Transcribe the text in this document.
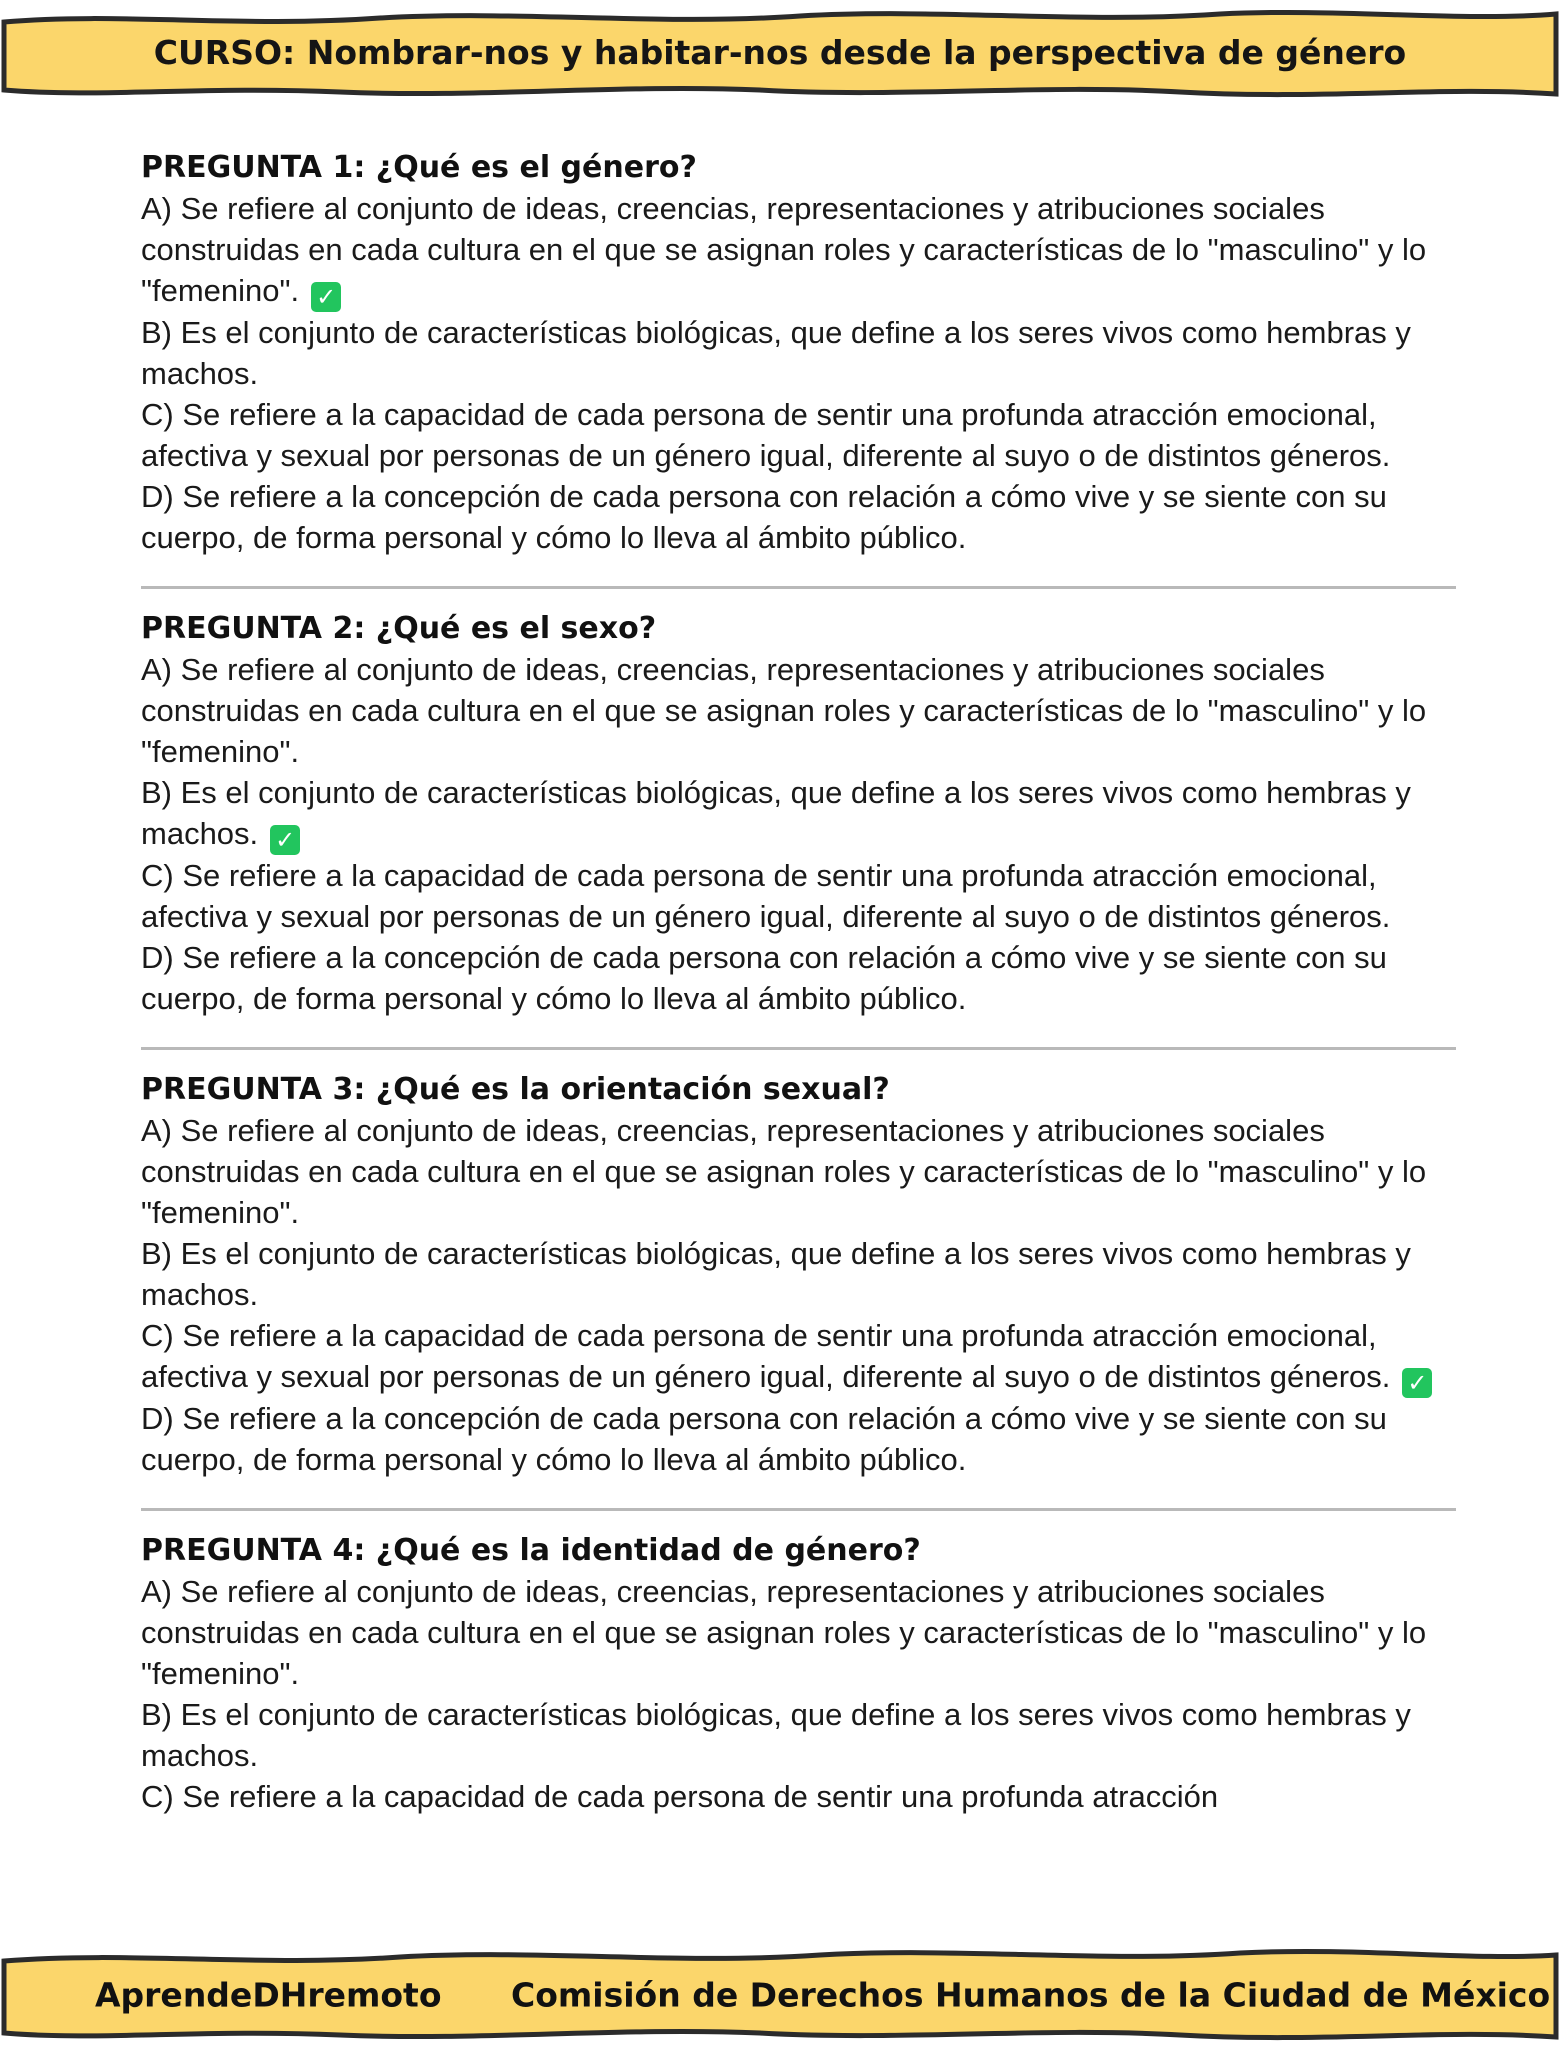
CURSO: Nombrar-nos y habitar-nos desde la perspectiva de género
PREGUNTA 1: ¿Qué es el género?
A) Se refiere al conjunto de ideas, creencias, representaciones y atribuciones sociales construidas en cada cultura en el que se asignan roles y características de lo "masculino" y lo "femenino". ✓
B) Es el conjunto de características biológicas, que define a los seres vivos como hembras y machos.
C) Se refiere a la capacidad de cada persona de sentir una profunda atracción emocional, afectiva y sexual por personas de un género igual, diferente al suyo o de distintos géneros.
D) Se refiere a la concepción de cada persona con relación a cómo vive y se siente con su cuerpo, de forma personal y cómo lo lleva al ámbito público.
PREGUNTA 2: ¿Qué es el sexo?
A) Se refiere al conjunto de ideas, creencias, representaciones y atribuciones sociales construidas en cada cultura en el que se asignan roles y características de lo "masculino" y lo "femenino".
B) Es el conjunto de características biológicas, que define a los seres vivos como hembras y machos. ✓
C) Se refiere a la capacidad de cada persona de sentir una profunda atracción emocional, afectiva y sexual por personas de un género igual, diferente al suyo o de distintos géneros.
D) Se refiere a la concepción de cada persona con relación a cómo vive y se siente con su cuerpo, de forma personal y cómo lo lleva al ámbito público.
PREGUNTA 3: ¿Qué es la orientación sexual?
A) Se refiere al conjunto de ideas, creencias, representaciones y atribuciones sociales construidas en cada cultura en el que se asignan roles y características de lo "masculino" y lo "femenino".
B) Es el conjunto de características biológicas, que define a los seres vivos como hembras y machos.
C) Se refiere a la capacidad de cada persona de sentir una profunda atracción emocional, afectiva y sexual por personas de un género igual, diferente al suyo o de distintos géneros. ✓
D) Se refiere a la concepción de cada persona con relación a cómo vive y se siente con su cuerpo, de forma personal y cómo lo lleva al ámbito público.
PREGUNTA 4: ¿Qué es la identidad de género?
A) Se refiere al conjunto de ideas, creencias, representaciones y atribuciones sociales construidas en cada cultura en el que se asignan roles y características de lo "masculino" y lo "femenino".
B) Es el conjunto de características biológicas, que define a los seres vivos como hembras y machos.
C) Se refiere a la capacidad de cada persona de sentir una profunda atracción
AprendeDHremoto Comisión de Derechos Humanos de la Ciudad de México
